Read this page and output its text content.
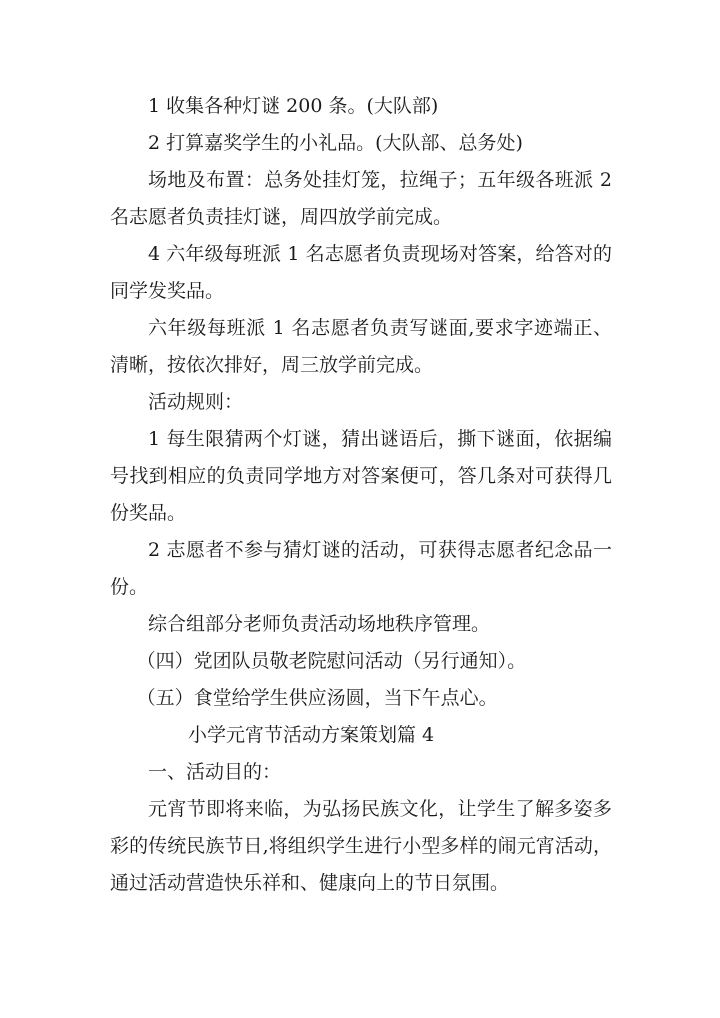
1 收集各种灯谜 200 条。(大队部)

2 打算嘉奖学生的小礼品。(大队部、总务处)

场地及布置：总务处挂灯笼，拉绳子；五年级各班派 2 名志愿者负责挂灯谜，周四放学前完成。

4 六年级每班派 1 名志愿者负责现场对答案，给答对的同学发奖品。

六年级每班派 1 名志愿者负责写谜面,要求字迹端正、清晰，按依次排好，周三放学前完成。

活动规则：

1 每生限猜两个灯谜，猜出谜语后，撕下谜面，依据编号找到相应的负责同学地方对答案便可，答几条对可获得几份奖品。

2 志愿者不参与猜灯谜的活动，可获得志愿者纪念品一份。

综合组部分老师负责活动场地秩序管理。

（四）党团队员敬老院慰问活动（另行通知）。

（五）食堂给学生供应汤圆，当下午点心。

小学元宵节活动方案策划篇 4

一、活动目的：

元宵节即将来临，为弘扬民族文化，让学生了解多姿多彩的传统民族节日,将组织学生进行小型多样的闹元宵活动，通过活动营造快乐祥和、健康向上的节日氛围。
